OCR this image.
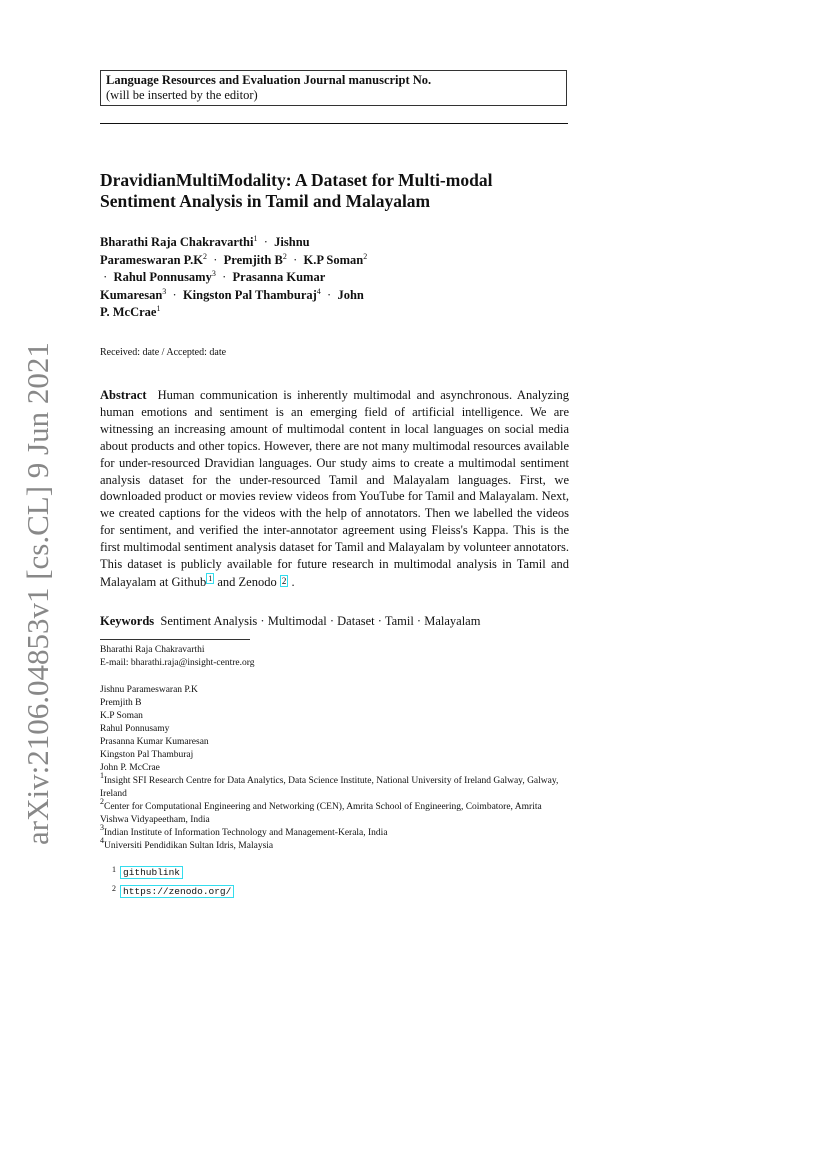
arXiv:2106.04853v1 [cs.CL] 9 Jun 2021
Language Resources and Evaluation Journal manuscript No.
(will be inserted by the editor)
DravidianMultiModality: A Dataset for Multi-modal
Sentiment Analysis in Tamil and Malayalam
Bharathi Raja Chakravarthi$^1$  ·  Jishnu Parameswaran $P.K^2$  ·  Premjith $B^2 \cdot K.P$ Soman$^2$  ·  Rahul Ponnusamy$^3$  ·  Prasanna Kumar Kumaresan$^3$  ·  Kingston Pal Thamburaj$^4$  ·  John P. McCrae$^1$
Received: date / Accepted: date
Abstract Human communication is inherently multimodal and asynchronous. Analyzing human emotions and sentiment is an emerging field of artificial intelligence. We are witnessing an increasing amount of multimodal content in local languages on social media about products and other topics. However, there are not many multimodal resources available for under-resourced Dravidian languages. Our study aims to create a multimodal sentiment analysis dataset for the under-resourced Tamil and Malayalam languages. First, we downloaded product or movies review videos from YouTube for Tamil and Malayalam. Next, we created captions for the videos with the help of annotators. Then we labelled the videos for sentiment, and verified the inter-annotator agreement using Fleiss's Kappa. This is the first multimodal sentiment analysis dataset for Tamil and Malayalam by volunteer annotators. This dataset is publicly available for future research in multimodal analysis in Tamil and Malayalam at Github $^1$ and Zenodo 2 .
Keywords Sentiment Analysis · Multimodal · Dataset · Tamil · Malayalam
Bharathi Raja Chakravarthi
E-mail: bharathi.raja@insight-centre.org
Jishnu Parameswaran P.K
Premjith B
K.P Soman
Rahul Ponnusamy
Prasanna Kumar Kumaresan
Kingston Pal Thamburaj
John P. McCrae
$^1$Insight SFI Research Centre for Data Analytics, Data Science Institute, National University of Ireland Galway, Galway, Ireland
$^2$Center for Computational Engineering and Networking (CEN), Amrita School of Engineering, Coimbatore, Amrita Vishwa Vidyapeetham, India
$^3$Indian Institute of Information Technology and Management-Kerala, India
$^4$Universiti Pendidikan Sultan Idris, Malaysia
1 githublink
2 https://zenodo.org/
